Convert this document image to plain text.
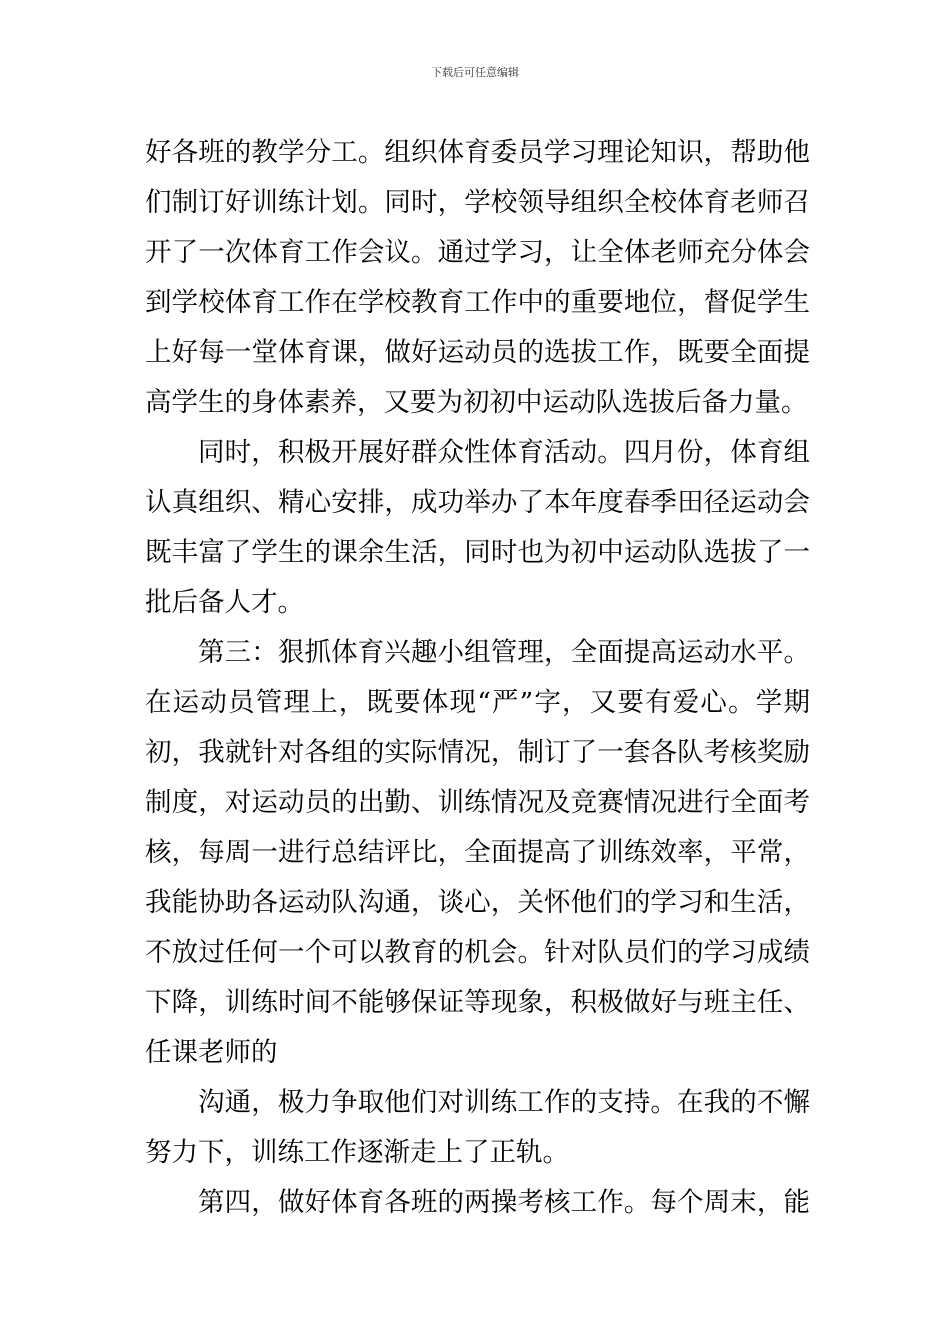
下载后可任意编辑
好各班的教学分工。组织体育委员学习理论知识，帮助他
们制订好训练计划。同时，学校领导组织全校体育老师召
开了一次体育工作会议。通过学习，让全体老师充分体会
到学校体育工作在学校教育工作中的重要地位，督促学生
上好每一堂体育课，做好运动员的选拔工作，既要全面提
高学生的身体素养，又要为初初中运动队选拔后备力量。
同时，积极开展好群众性体育活动。四月份，体育组
认真组织、精心安排，成功举办了本年度春季田径运动会
既丰富了学生的课余生活，同时也为初中运动队选拔了一
批后备人才。
第三：狠抓体育兴趣小组管理，全面提高运动水平。
在运动员管理上，既要体现“严”字，又要有爱心。学期
初，我就针对各组的实际情况，制订了一套各队考核奖励
制度，对运动员的出勤、训练情况及竞赛情况进行全面考
核，每周一进行总结评比，全面提高了训练效率，平常，
我能协助各运动队沟通，谈心，关怀他们的学习和生活，
不放过任何一个可以教育的机会。针对队员们的学习成绩
下降，训练时间不能够保证等现象，积极做好与班主任、
任课老师的
沟通，极力争取他们对训练工作的支持。在我的不懈
努力下，训练工作逐渐走上了正轨。
第四，做好体育各班的两操考核工作。每个周末，能
